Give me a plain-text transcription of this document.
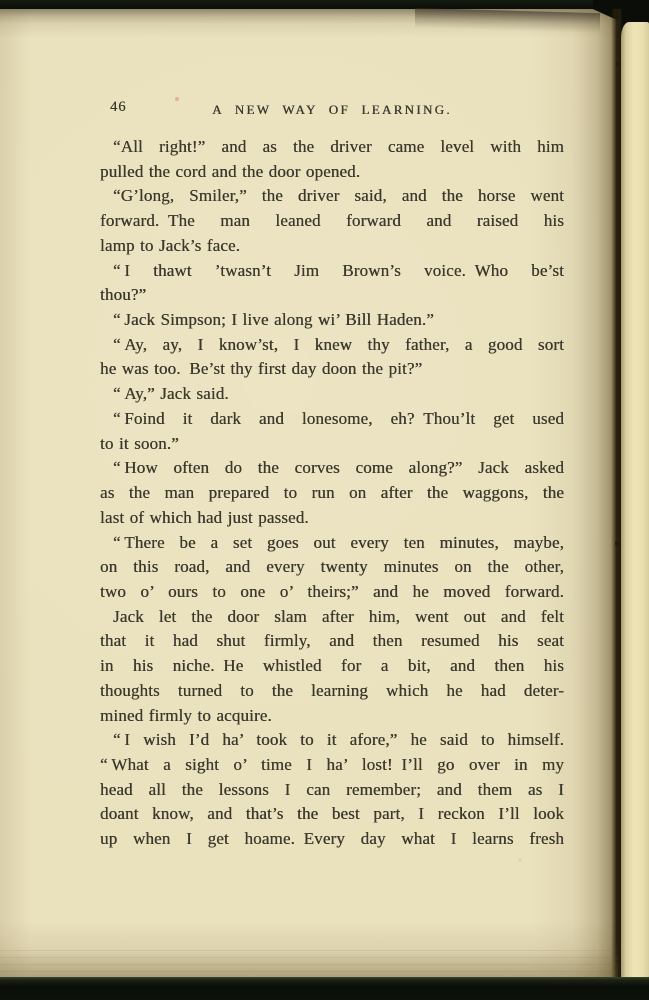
46	A NEW WAY OF LEARNING.
“All right!” and as the driver came level with him
pulled the cord and the door opened.
“G’long, Smiler,” the driver said, and the horse went
forward. The man leaned forward and raised his
lamp to Jack’s face.
“ I thawt ’twasn’t Jim Brown’s voice. Who be’st
thou?”
“ Jack Simpson; I live along wi’ Bill Haden.”
“ Ay, ay, I know’st, I knew thy father, a good sort
he was too. Be’st thy first day doon the pit?”
“ Ay,” Jack said.
“ Foind it dark and lonesome, eh? Thou’lt get used
to it soon.”
“ How often do the corves come along?” Jack asked
as the man prepared to run on after the waggons, the
last of which had just passed.
“ There be a set goes out every ten minutes, maybe,
on this road, and every twenty minutes on the other,
two o’ ours to one o’ theirs;” and he moved forward.
Jack let the door slam after him, went out and felt
that it had shut firmly, and then resumed his seat
in his niche. He whistled for a bit, and then his
thoughts turned to the learning which he had deter-
mined firmly to acquire.
“ I wish I’d ha’ took to it afore,” he said to himself.
“ What a sight o’ time I ha’ lost! I’ll go over in my
head all the lessons I can remember; and them as I
doant know, and that’s the best part, I reckon I’ll look
up when I get hoame. Every day what I learns fresh
